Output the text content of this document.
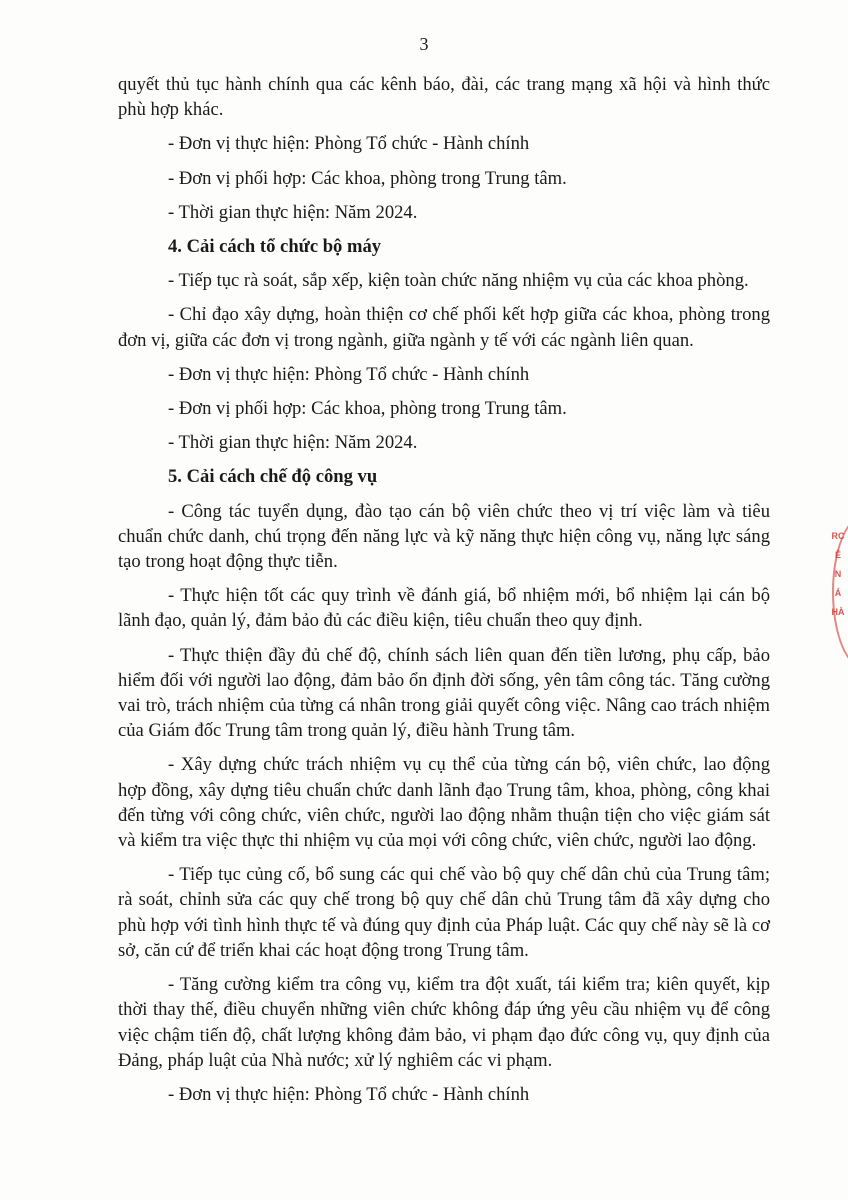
3

quyết thủ tục hành chính qua các kênh báo, đài, các trang mạng xã hội và hình thức phù hợp khác.

- Đơn vị thực hiện: Phòng Tổ chức - Hành chính

- Đơn vị phối hợp: Các khoa, phòng trong Trung tâm.

- Thời gian thực hiện: Năm 2024.

4. Cải cách tổ chức bộ máy

- Tiếp tục rà soát, sắp xếp, kiện toàn chức năng nhiệm vụ của các khoa phòng.

- Chỉ đạo xây dựng, hoàn thiện cơ chế phối kết hợp giữa các khoa, phòng trong đơn vị, giữa các đơn vị trong ngành, giữa ngành y tế với các ngành liên quan.

- Đơn vị thực hiện: Phòng Tổ chức - Hành chính

- Đơn vị phối hợp: Các khoa, phòng trong Trung tâm.

- Thời gian thực hiện: Năm 2024.

5. Cải cách chế độ công vụ

- Công tác tuyển dụng, đào tạo cán bộ viên chức theo vị trí việc làm và tiêu chuẩn chức danh, chú trọng đến năng lực và kỹ năng thực hiện công vụ, năng lực sáng tạo trong hoạt động thực tiễn.

- Thực hiện tốt các quy trình về đánh giá, bổ nhiệm mới, bổ nhiệm lại cán bộ lãnh đạo, quản lý, đảm bảo đủ các điều kiện, tiêu chuẩn theo quy định.

- Thực thiện đầy đủ chế độ, chính sách liên quan đến tiền lương, phụ cấp, bảo hiểm đối với người lao động, đảm bảo ổn định đời sống, yên tâm công tác. Tăng cường vai trò, trách nhiệm của từng cá nhân trong giải quyết công việc. Nâng cao trách nhiệm của Giám đốc Trung tâm trong quản lý, điều hành Trung tâm.

- Xây dựng chức trách nhiệm vụ cụ thể của từng cán bộ, viên chức, lao động hợp đồng, xây dựng tiêu chuẩn chức danh lãnh đạo Trung tâm, khoa, phòng, công khai đến từng với công chức, viên chức, người lao động nhằm thuận tiện cho việc giám sát và kiểm tra việc thực thi nhiệm vụ của mọi với công chức, viên chức, người lao động.

- Tiếp tục củng cố, bổ sung các qui chế vào bộ quy chế dân chủ của Trung tâm; rà soát, chỉnh sửa các quy chế trong bộ quy chế dân chủ Trung tâm đã xây dựng cho phù hợp với tình hình thực tế và đúng quy định của Pháp luật. Các quy chế này sẽ là cơ sở, căn cứ để triển khai các hoạt động trong Trung tâm.

- Tăng cường kiểm tra công vụ, kiểm tra đột xuất, tái kiểm tra; kiên quyết, kịp thời thay thế, điều chuyển những viên chức không đáp ứng yêu cầu nhiệm vụ để công việc chậm tiến độ, chất lượng không đảm bảo, vi phạm đạo đức công vụ, quy định của Đảng, pháp luật của Nhà nước; xử lý nghiêm các vi phạm.

- Đơn vị thực hiện: Phòng Tổ chức - Hành chính

RC
Ê
N
Á
HÀ
